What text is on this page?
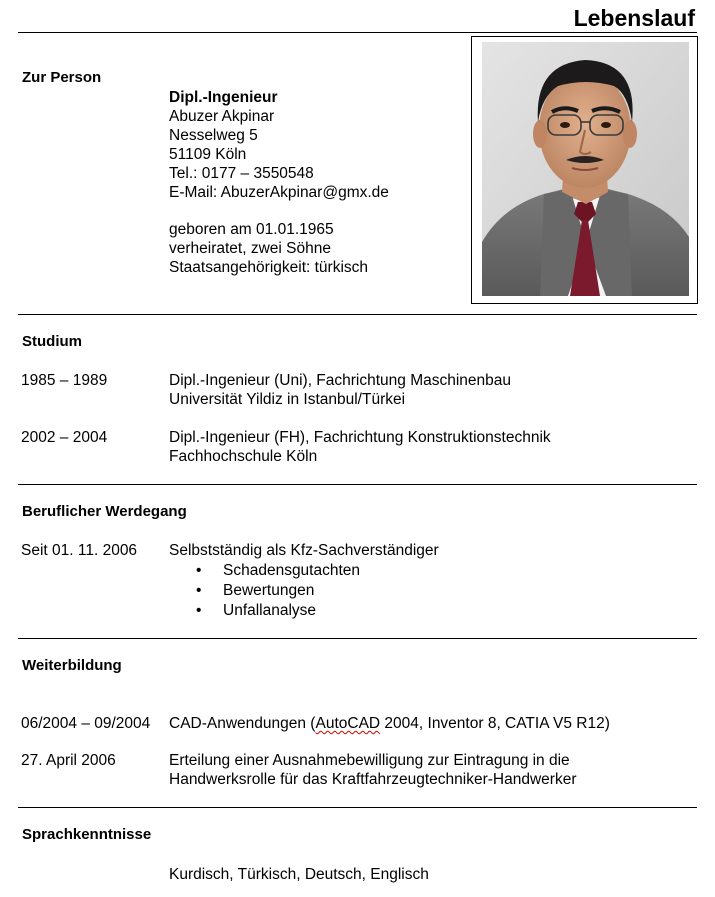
Lebenslauf
Zur Person
Dipl.-Ingenieur
Abuzer Akpinar
Nesselweg 5
51109 Köln
Tel.: 0177 – 3550548
E-Mail: AbuzerAkpinar@gmx.de
geboren am 01.01.1965
verheiratet, zwei Söhne
Staatsangehörigkeit: türkisch
Studium
1985 – 1989	Dipl.-Ingenieur (Uni), Fachrichtung Maschinenbau
Universität Yildiz in Istanbul/Türkei
2002 – 2004	Dipl.-Ingenieur (FH), Fachrichtung Konstruktionstechnik
Fachhochschule Köln
Beruflicher Werdegang
Seit 01. 11. 2006 Selbstständig als Kfz-Sachverständiger
• Schadensgutachten
• Bewertungen
• Unfallanalyse
Weiterbildung
06/2004 – 09/2004 CAD-Anwendungen (AutoCAD 2004, Inventor 8, CATIA V5 R12)
27. April 2006	Erteilung einer Ausnahmebewilligung zur Eintragung in die
Handwerksrolle für das Kraftfahrzeugtechniker-Handwerker
Sprachkenntnisse
Kurdisch, Türkisch, Deutsch, Englisch
